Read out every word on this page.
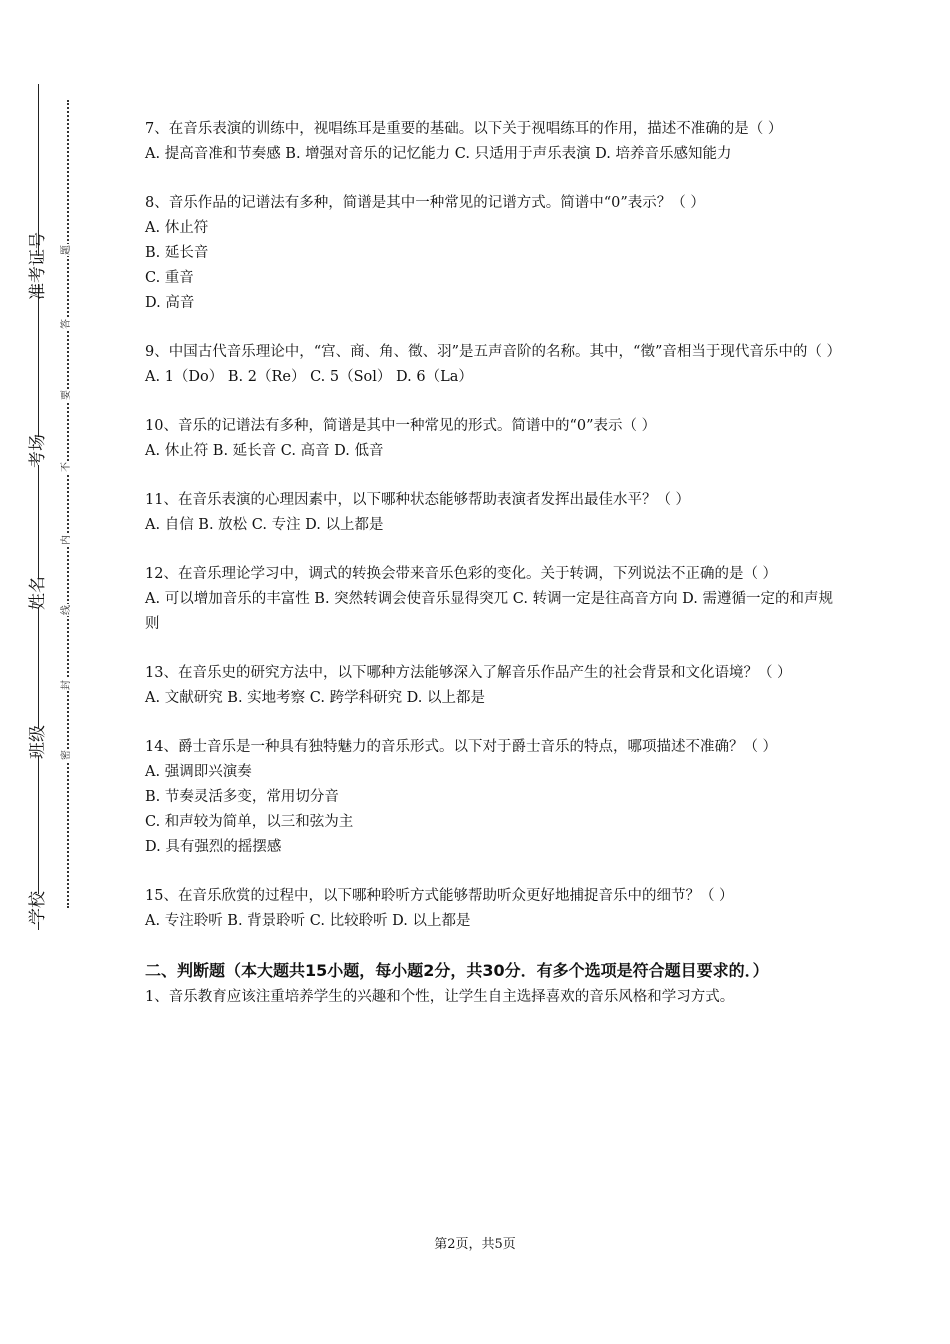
准考证号
考场
姓名
班级
学校
题
答
要
不
内
线
封
密

7、在音乐表演的训练中，视唱练耳是重要的基础。以下关于视唱练耳的作用，描述不准确的是（ ）

A. 提高音准和节奏感 B. 增强对音乐的记忆能力 C. 只适用于声乐表演 D. 培养音乐感知能力

8、音乐作品的记谱法有多种，简谱是其中一种常见的记谱方式。简谱中“0”表示？（ ）

A. 休止符

B. 延长音

C. 重音

D. 高音

9、中国古代音乐理论中，“宫、商、角、徵、羽”是五声音阶的名称。其中，“徵”音相当于现代音乐中的（ ）

A. 1（Do） B. 2（Re） C. 5（Sol） D. 6（La）

10、音乐的记谱法有多种，简谱是其中一种常见的形式。简谱中的“0”表示（ ）

A. 休止符 B. 延长音 C. 高音 D. 低音

11、在音乐表演的心理因素中，以下哪种状态能够帮助表演者发挥出最佳水平？（ ）

A. 自信 B. 放松 C. 专注 D. 以上都是

12、在音乐理论学习中，调式的转换会带来音乐色彩的变化。关于转调，下列说法不正确的是（ ）

A. 可以增加音乐的丰富性 B. 突然转调会使音乐显得突兀 C. 转调一定是往高音方向 D. 需遵循一定的和声规则

13、在音乐史的研究方法中，以下哪种方法能够深入了解音乐作品产生的社会背景和文化语境？（ ）

A. 文献研究 B. 实地考察 C. 跨学科研究 D. 以上都是

14、爵士音乐是一种具有独特魅力的音乐形式。以下对于爵士音乐的特点，哪项描述不准确？（ ）

A. 强调即兴演奏

B. 节奏灵活多变，常用切分音

C. 和声较为简单，以三和弦为主

D. 具有强烈的摇摆感

15、在音乐欣赏的过程中，以下哪种聆听方式能够帮助听众更好地捕捉音乐中的细节？（ ）

A. 专注聆听 B. 背景聆听 C. 比较聆听 D. 以上都是

二、判断题（本大题共15小题，每小题2分，共30分．有多个选项是符合题目要求的．）

1、音乐教育应该注重培养学生的兴趣和个性，让学生自主选择喜欢的音乐风格和学习方式。

第2页，共5页
